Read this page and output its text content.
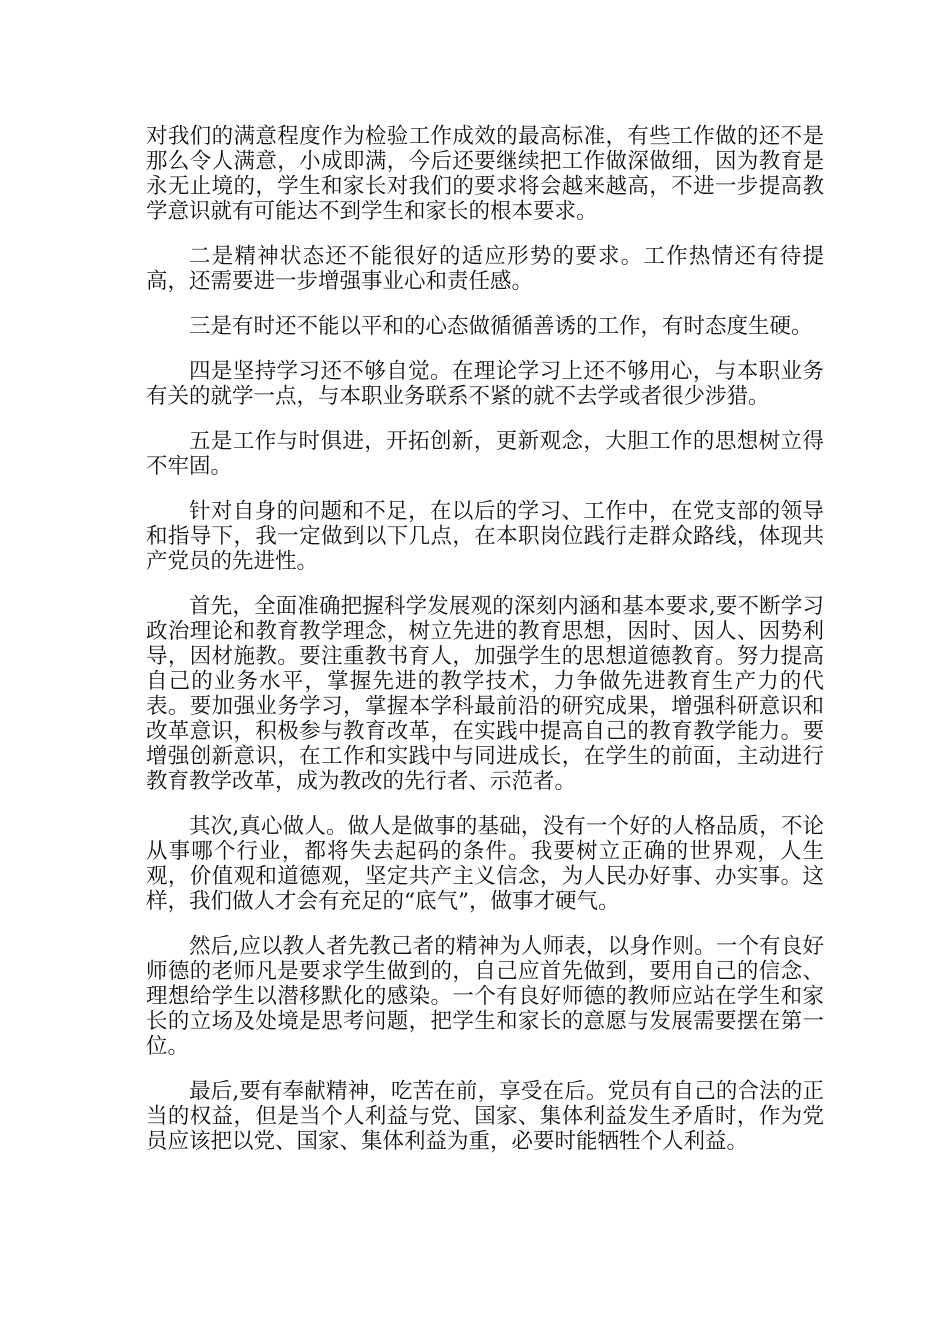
对我们的满意程度作为检验工作成效的最高标准，有些工作做的还不是那么令人满意，小成即满，今后还要继续把工作做深做细，因为教育是永无止境的，学生和家长对我们的要求将会越来越高，不进一步提高教学意识就有可能达不到学生和家长的根本要求。

二是精神状态还不能很好的适应形势的要求。工作热情还有待提高，还需要进一步增强事业心和责任感。

三是有时还不能以平和的心态做循循善诱的工作，有时态度生硬。

四是坚持学习还不够自觉。在理论学习上还不够用心，与本职业务有关的就学一点，与本职业务联系不紧的就不去学或者很少涉猎。

五是工作与时俱进，开拓创新，更新观念，大胆工作的思想树立得不牢固。

针对自身的问题和不足，在以后的学习、工作中，在党支部的领导和指导下，我一定做到以下几点，在本职岗位践行走群众路线，体现共产党员的先进性。

首先，全面准确把握科学发展观的深刻内涵和基本要求,要不断学习政治理论和教育教学理念，树立先进的教育思想，因时、因人、因势利导，因材施教。要注重教书育人，加强学生的思想道德教育。努力提高自己的业务水平，掌握先进的教学技术，力争做先进教育生产力的代表。要加强业务学习，掌握本学科最前沿的研究成果，增强科研意识和改革意识，积极参与教育改革，在实践中提高自己的教育教学能力。要增强创新意识，在工作和实践中与同进成长，在学生的前面，主动进行教育教学改革，成为教改的先行者、示范者。

其次,真心做人。做人是做事的基础，没有一个好的人格品质，不论从事哪个行业，都将失去起码的条件。我要树立正确的世界观，人生观，价值观和道德观，坚定共产主义信念，为人民办好事、办实事。这样，我们做人才会有充足的“底气”，做事才硬气。

然后,应以教人者先教己者的精神为人师表，以身作则。一个有良好师德的老师凡是要求学生做到的，自己应首先做到，要用自己的信念、理想给学生以潜移默化的感染。一个有良好师德的教师应站在学生和家长的立场及处境是思考问题，把学生和家长的意愿与发展需要摆在第一位。

最后,要有奉献精神，吃苦在前，享受在后。党员有自己的合法的正当的权益，但是当个人利益与党、国家、集体利益发生矛盾时，作为党员应该把以党、国家、集体利益为重，必要时能牺牲个人利益。
